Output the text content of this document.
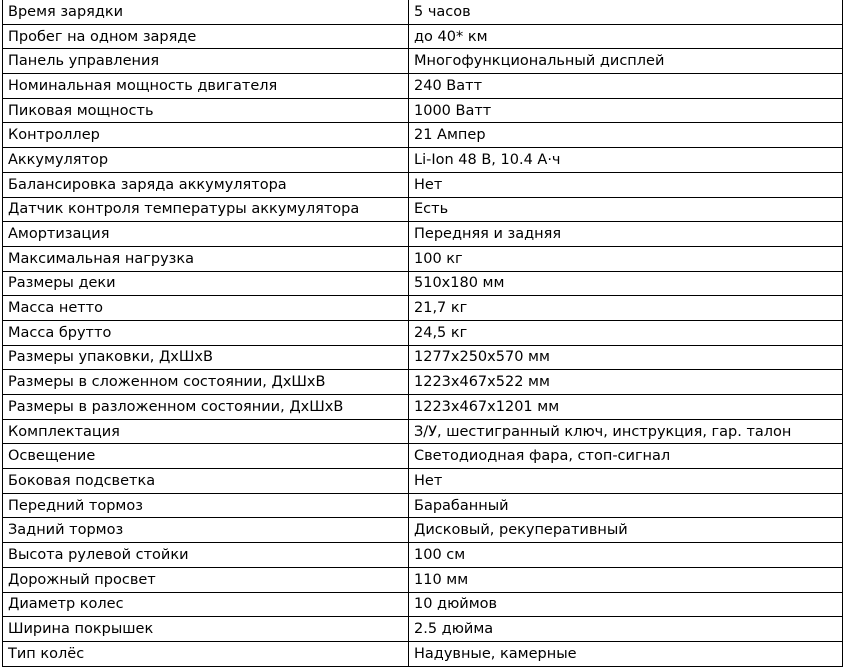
Время зарядки	5 часов
Пробег на одном заряде	до 40* км
Панель управления	Многофункциональный дисплей
Номинальная мощность двигателя	240 Ватт
Пиковая мощность	1000 Ватт
Контроллер	21 Ампер
Аккумулятор	Li-Ion 48 В, 10.4 А·ч
Балансировка заряда аккумулятора	Нет
Датчик контроля температуры аккумулятора	Есть
Амортизация	Передняя и задняя
Максимальная нагрузка	100 кг
Размеры деки	510x180 мм
Масса нетто	21,7 кг
Масса брутто	24,5 кг
Размеры упаковки, ДхШхВ	1277x250x570 мм
Размеры в сложенном состоянии, ДхШхВ	1223x467x522 мм
Размеры в разложенном состоянии, ДхШхВ	1223x467x1201 мм
Комплектация	З/У, шестигранный ключ, инструкция, гар. талон
Освещение	Светодиодная фара, стоп-сигнал
Боковая подсветка	Нет
Передний тормоз	Барабанный
Задний тормоз	Дисковый, рекуперативный
Высота рулевой стойки	100 см
Дорожный просвет	110 мм
Диаметр колес	10 дюймов
Ширина покрышек	2.5 дюйма
Тип колёс	Надувные, камерные
